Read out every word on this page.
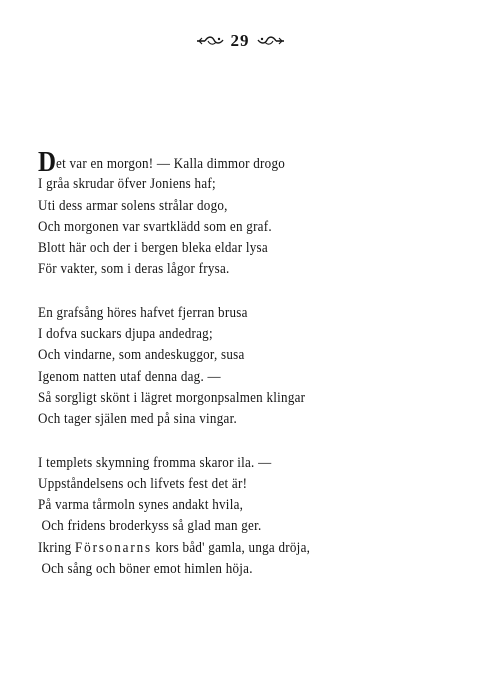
29
Det var en morgon! — Kalla dimmor drogo
I gråa skrudar öfver Joniens haf;
Uti dess armar solens strålar dogo,
Och morgonen var svartklädd som en graf.
Blott här och der i bergen bleka eldar lysa
För vakter, som i deras lågor frysa.
En grafsång höres hafvet fjerran brusa
I dofva suckars djupa andedrag;
Och vindarne, som andeskuggor, susa
Igenom natten utaf denna dag. —
Så sorgligt skönt i lägret morgonpsalmen klingar
Och tager själen med på sina vingar.
I templets skymning fromma skaror ila. —
Uppståndelsens och lifvets fest det är!
På varma tårmoln synes andakt hvila,
Och fridens broderkyss så glad man ger.
Ikring Försonarns kors båd' gamla, unga dröja,
Och sång och böner emot himlen höja.
